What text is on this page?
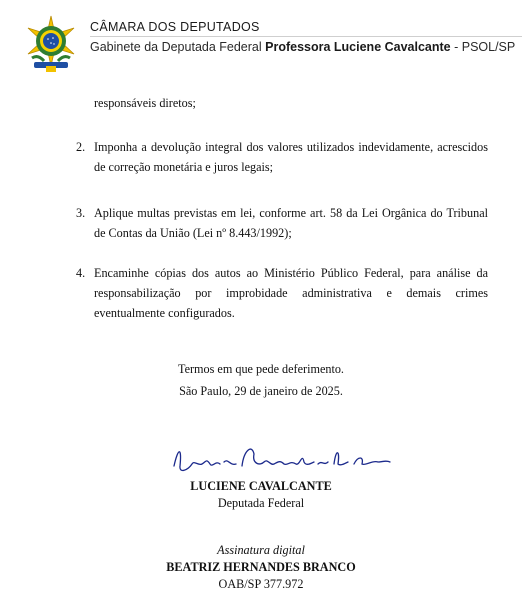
CÂMARA DOS DEPUTADOS
Gabinete da Deputada Federal Professora Luciene Cavalcante - PSOL/SP
responsáveis diretos;
2. Imponha a devolução integral dos valores utilizados indevidamente, acrescidos
de correção monetária e juros legais;
3. Aplique multas previstas em lei, conforme art. 58 da Lei Orgânica do Tribunal
de Contas da União (Lei nº 8.443/1992);
4. Encaminhe cópias dos autos ao Ministério Público Federal, para análise da
responsabilização por improbidade administrativa e demais crimes
eventualmente configurados.
Termos em que pede deferimento.
São Paulo, 29 de janeiro de 2025.
LUCIENE CAVALCANTE
Deputada Federal
Assinatura digital
BEATRIZ HERNANDES BRANCO
OAB/SP 377.972
